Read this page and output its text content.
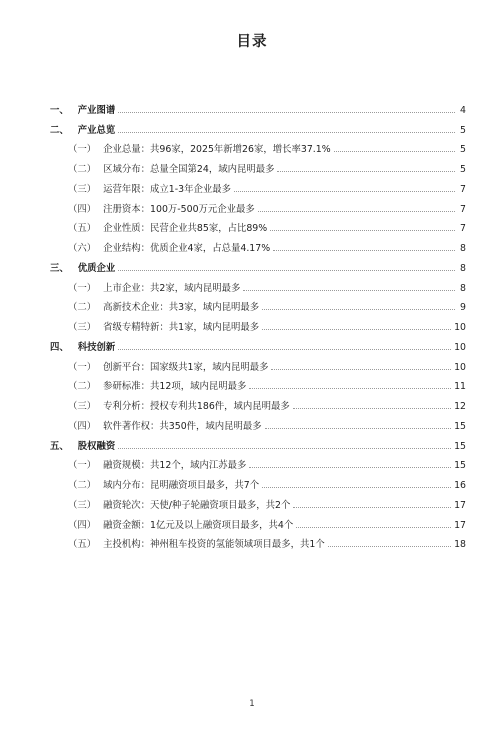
目录
一、 产业图谱	4
二、 产业总览	5
（一） 企业总量：共96家，2025年新增26家，增长率37.1%	5
（二） 区域分布：总量全国第24，域内昆明最多	5
（三） 运营年限：成立1-3年企业最多	7
（四） 注册资本：100万-500万元企业最多	7
（五） 企业性质：民营企业共85家，占比89%	7
（六） 企业结构：优质企业4家，占总量4.17%	8
三、 优质企业	8
（一） 上市企业：共2家，域内昆明最多	8
（二） 高新技术企业：共3家，域内昆明最多	9
（三） 省级专精特新：共1家，域内昆明最多	10
四、 科技创新	10
（一） 创新平台：国家级共1家，域内昆明最多	10
（二） 参研标准：共12项，域内昆明最多	11
（三） 专利分析：授权专利共186件，域内昆明最多	12
（四） 软件著作权：共350件，域内昆明最多	15
五、 股权融资	15
（一） 融资规模：共12个，域内江苏最多	15
（二） 域内分布：昆明融资项目最多，共7个	16
（三） 融资轮次：天使/种子轮融资项目最多，共2个	17
（四） 融资金额：1亿元及以上融资项目最多，共4个	17
（五） 主投机构：神州租车投资的氢能领域项目最多，共1个	18
1
